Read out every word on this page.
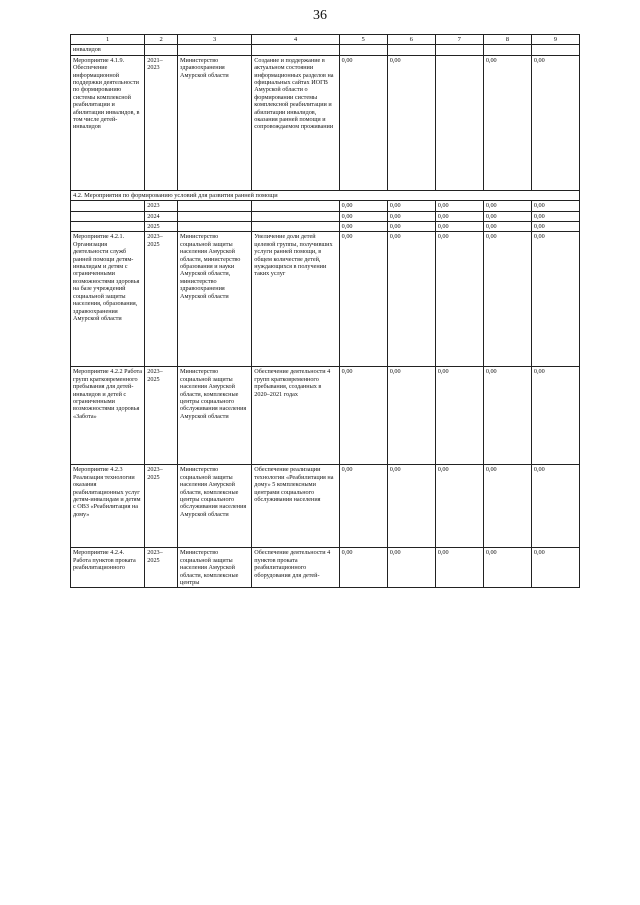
36
1	2	3	4	5	6	7	8	9
инвалидов								
Мероприятие 4.1.9. Обеспечение информационной поддержки деятельности по формированию системы комплексной реабилитации и абилитации инвалидов, в том числе детей-инвалидов	2021–2023	Министерство здравоохранения Амурской области	Создание и поддержание в актуальном состоянии информационных разделов на официальных сайтах ИОГВ Амурской области о формировании системы комплексной реабилитации и абилитации инвалидов, оказания ранней помощи и сопровождаемом проживании	0,00	0,00		0,00	0,00
4.2. Мероприятия по формированию условий для развития ранней помощи								
	2023			0,00	0,00	0,00	0,00	0,00
	2024			0,00	0,00	0,00	0,00	0,00
	2025			0,00	0,00	0,00	0,00	0,00
Мероприятие 4.2.1. Организация деятельности служб ранней помощи детям-инвалидам и детям с ограниченными возможностями здоровья на базе учреждений социальной защиты населения, образования, здравоохранения Амурской области	2023–2025	Министерство социальной защиты населения Амурской области, министерство образования и науки Амурской области, министерство здравоохранения Амурской области	Увеличение доли детей целевой группы, получивших услуги ранней помощи, в общем количестве детей, нуждающихся в получении таких услуг	0,00	0,00	0,00	0,00	0,00
Мероприятие 4.2.2 Работа групп кратковременного пребывания для детей-инвалидов и детей с ограниченными возможностями здоровья «Забота»	2023–2025	Министерство социальной защиты населения Амурской области, комплексные центры социального обслуживания населения Амурской области	Обеспечение деятельности 4 групп кратковременного пребывания, созданных в 2020–2021 годах	0,00	0,00	0,00	0,00	0,00
Мероприятие 4.2.3 Реализация технологии оказания реабилитационных услуг детям-инвалидам и детям с ОВЗ «Реабилитация на дому»	2023–2025	Министерство социальной защиты населения Амурской области, комплексные центры социального обслуживания населения Амурской области	Обеспечение реализации технологии «Реабилитация на дому» 5 комплексными центрами социального обслуживания населения	0,00	0,00	0,00	0,00	0,00
Мероприятие 4.2.4. Работа пунктов проката реабилитационного	2023–2025	Министерство социальной защиты населения Амурской области, комплексные центры	Обеспечение деятельности 4 пунктов проката реабилитационного оборудования для детей-	0,00	0,00	0,00	0,00	0,00
